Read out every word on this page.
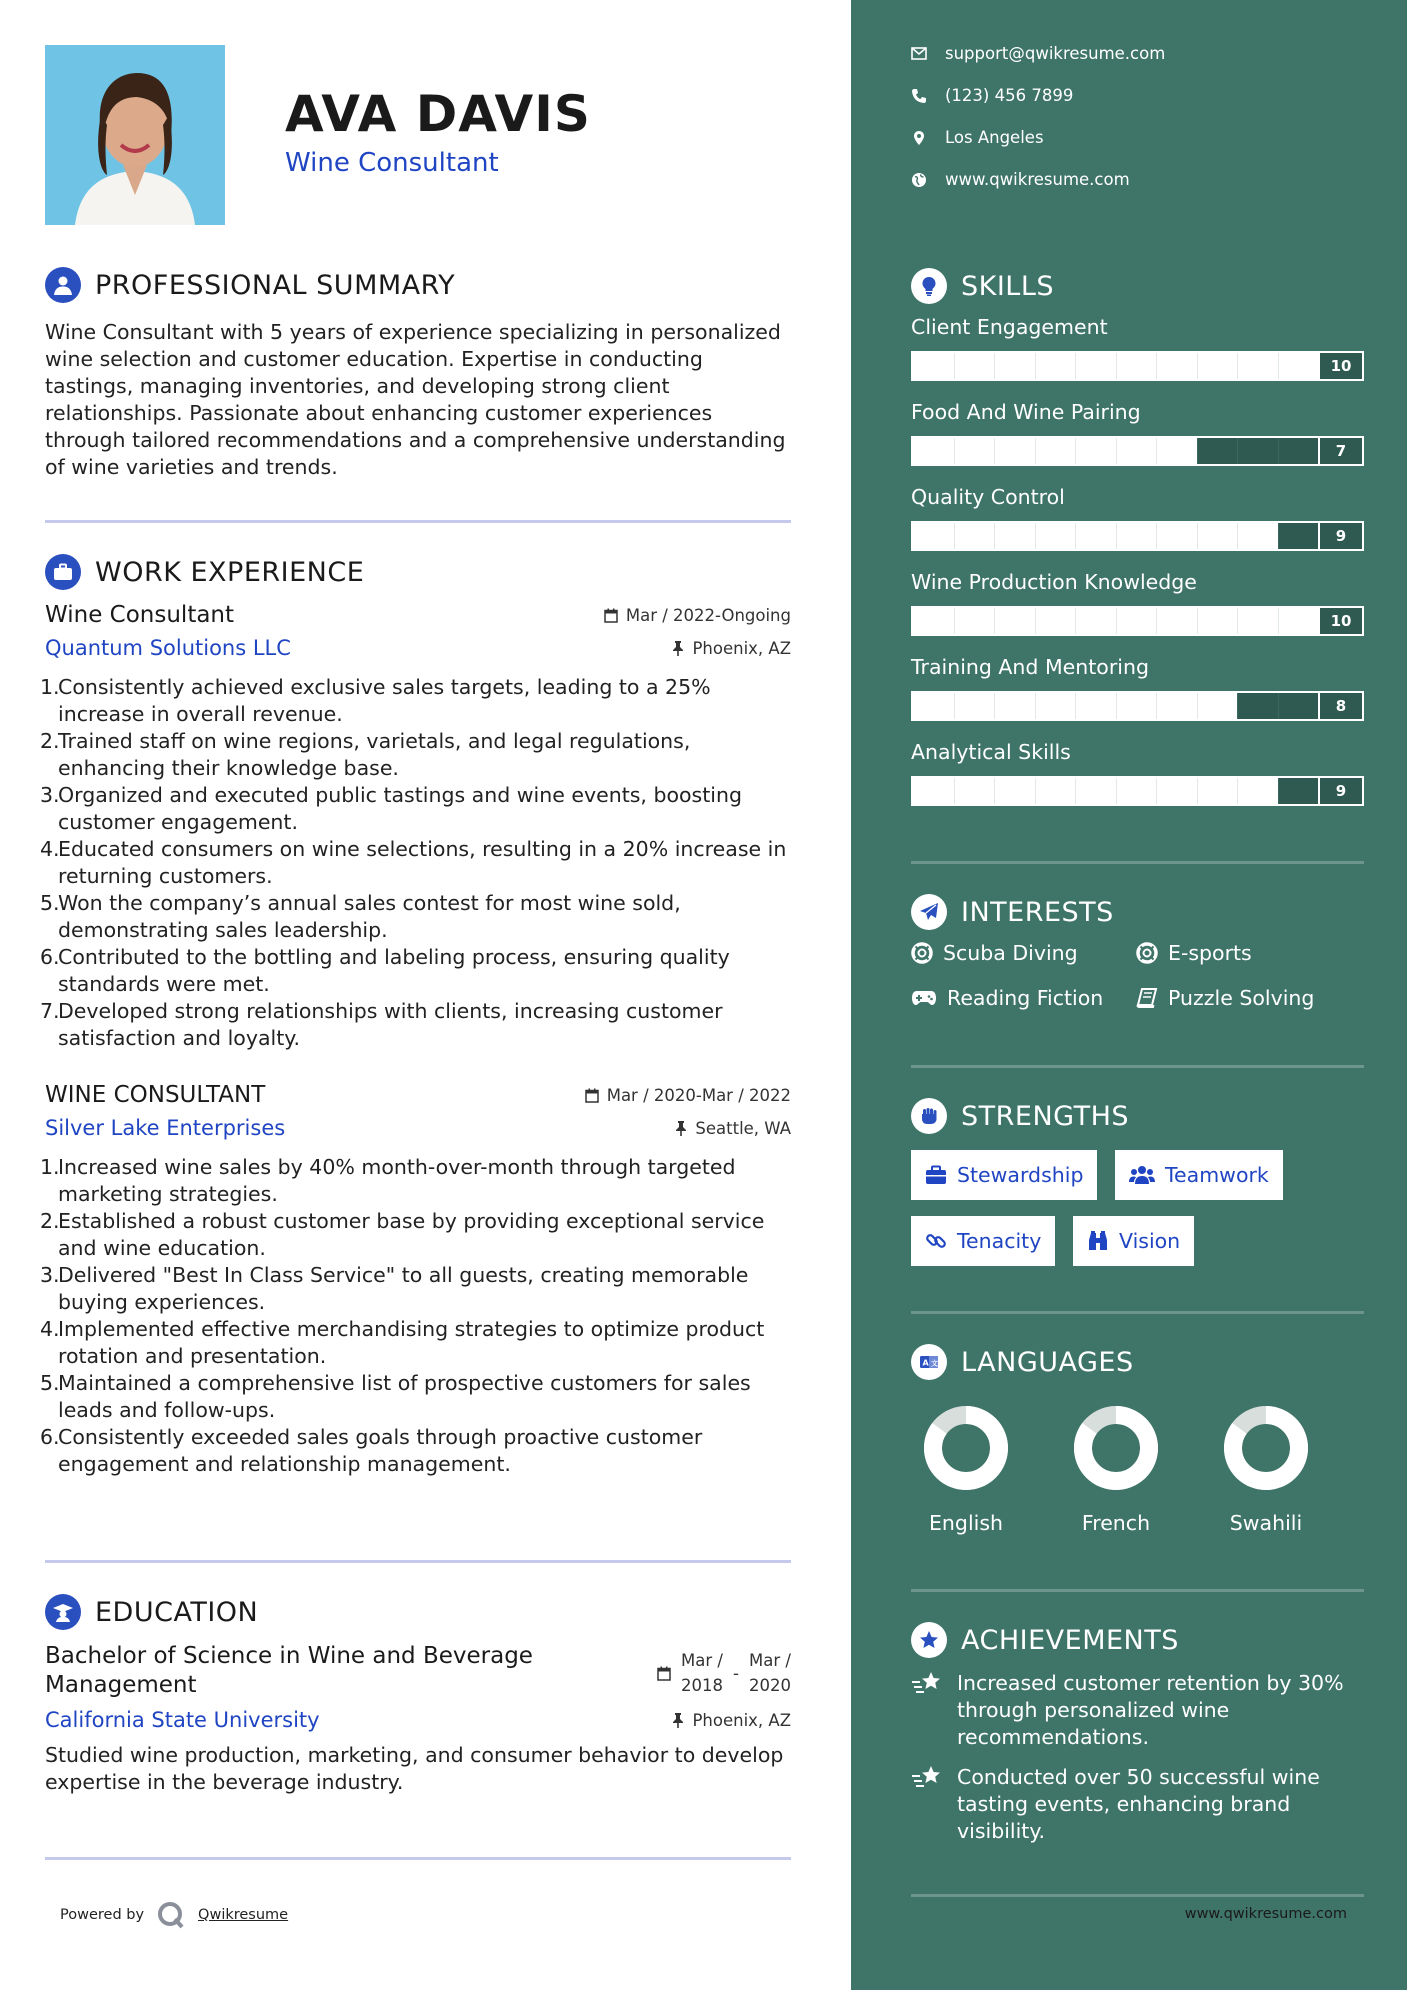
AVA DAVIS
Wine Consultant
PROFESSIONAL SUMMARY

Wine Consultant with 5 years of experience specializing in personalized wine selection and customer education. Expertise in conducting tastings, managing inventories, and developing strong client relationships. Passionate about enhancing customer experiences through tailored recommendations and a comprehensive understanding of wine varieties and trends.

WORK EXPERIENCE
Wine Consultant	Mar / 2022-Ongoing
Quantum Solutions LLC	Phoenix, AZ
1.
Consistently achieved exclusive sales targets, leading to a 25% increase in overall revenue.
2.
Trained staff on wine regions, varietals, and legal regulations, enhancing their knowledge base.
3.
Organized and executed public tastings and wine events, boosting customer engagement.
4.
Educated consumers on wine selections, resulting in a 20% increase in returning customers.
5.
Won the company’s annual sales contest for most wine sold, demonstrating sales leadership.
6.
Contributed to the bottling and labeling process, ensuring quality standards were met.
7.
Developed strong relationships with clients, increasing customer satisfaction and loyalty.
WINE CONSULTANT	Mar / 2020-Mar / 2022
Silver Lake Enterprises	Seattle, WA
1.
Increased wine sales by 40% month-over-month through targeted marketing strategies.
2.
Established a robust customer base by providing exceptional service and wine education.
3.
Delivered "Best In Class Service" to all guests, creating memorable buying experiences.
4.
Implemented effective merchandising strategies to optimize product rotation and presentation.
5.
Maintained a comprehensive list of prospective customers for sales leads and follow-ups.
6.
Consistently exceeded sales goals through proactive customer engagement and relationship management.
EDUCATION
Bachelor of Science in Wine and Beverage Management
Mar /
2018
-
Mar /
2020
California State University	Phoenix, AZ

Studied wine production, marketing, and consumer behavior to develop expertise in the beverage industry.

Powered by	Qwikresume
support@qwikresume.com
(123) 456 7899
Los Angeles
www.qwikresume.com
SKILLS
Client Engagement
10
Food And Wine Pairing
7
Quality Control
9
Wine Production Knowledge
10
Training And Mentoring
8
Analytical Skills
9
INTERESTS
Scuba Diving	E-sports
Reading Fiction	Puzzle Solving
STRENGTHS
Stewardship	Teamwork
Tenacity	Vision
A 文 LANGUAGES
English	French	Swahili
ACHIEVEMENTS
Increased customer retention by 30% through personalized wine recommendations.
Conducted over 50 successful wine tasting events, enhancing brand visibility.
www.qwikresume.com
